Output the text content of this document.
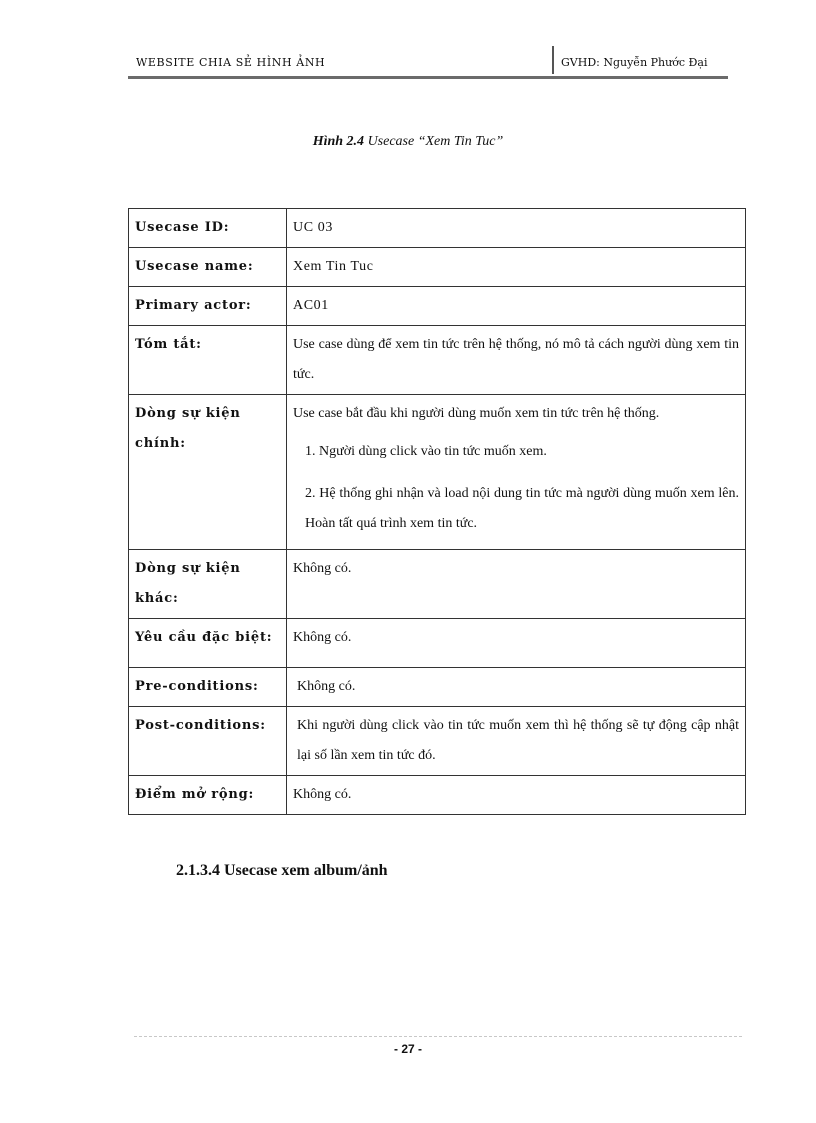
WEBSITE CHIA SẺ HÌNH ẢNH	GVHD: Nguyễn Phước Đại
Hình 2.4 Usecase “Xem Tin Tuc”
Usecase ID:	UC 03
Usecase name:	Xem Tin Tuc
Primary actor:	AC01
Tóm tắt:	Use case dùng để xem tin tức trên hệ thống, nó mô tả cách người dùng xem tin tức.
Dòng sự kiện chính:	Use case bắt đầu khi người dùng muốn xem tin tức trên hệ thống.
1. Người dùng click vào tin tức muốn xem.
2. Hệ thống ghi nhận và load nội dung tin tức mà người dùng muốn xem lên. Hoàn tất quá trình xem tin tức.

Dòng sự kiện khác:	Không có.
Yêu cầu đặc biệt:	Không có.
Pre-conditions:	Không có.
Post-conditions:	Khi người dùng click vào tin tức muốn xem thì hệ thống sẽ tự động cập nhật lại số lần xem tin tức đó.
Điểm mở rộng:	Không có.
2.1.3.4 Usecase xem album/ảnh
- 27 -
